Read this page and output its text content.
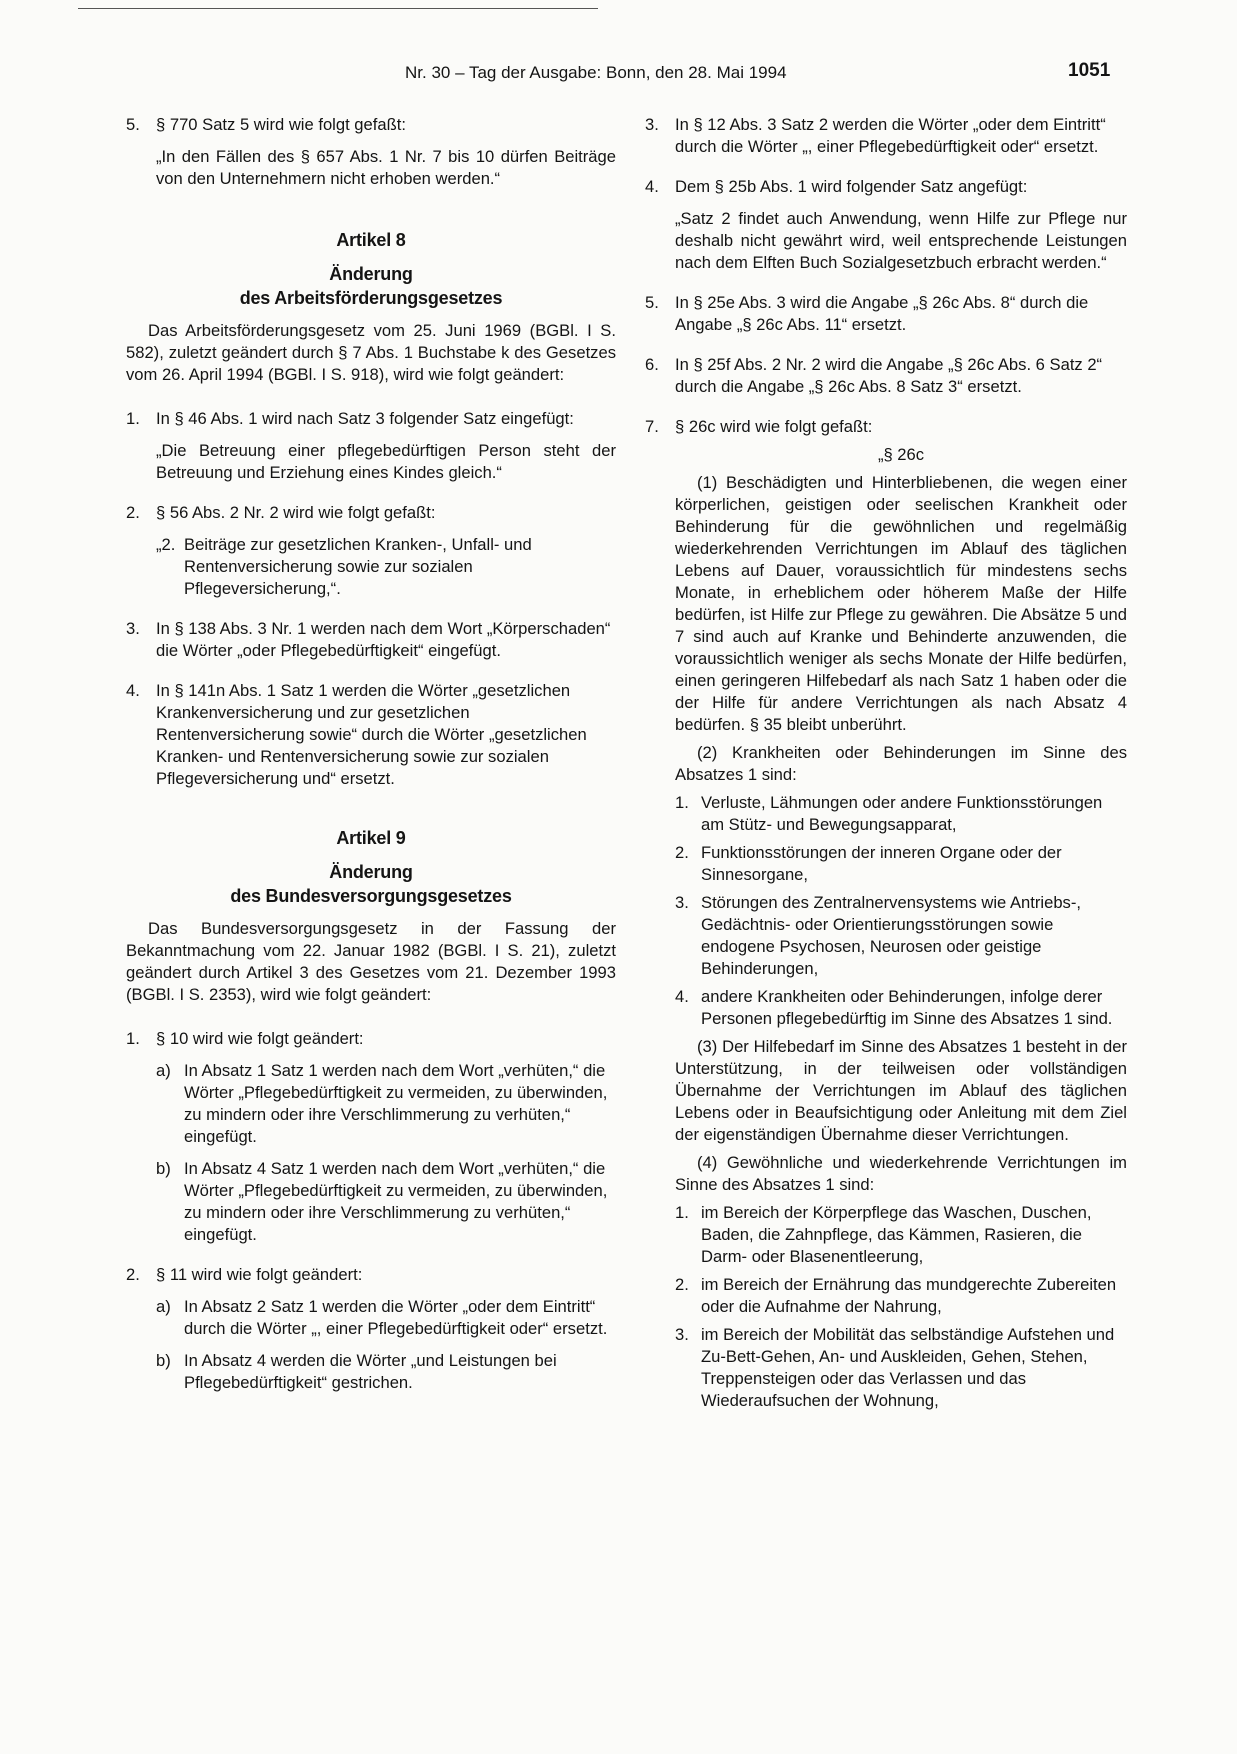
Nr. 30 – Tag der Ausgabe: Bonn, den 28. Mai 1994	1051
5. § 770 Satz 5 wird wie folgt gefaßt:

„In den Fällen des § 657 Abs. 1 Nr. 7 bis 10 dürfen Beiträge von den Unternehmern nicht erhoben werden.“

Artikel 8
Änderung
des Arbeitsförderungsgesetzes

Das Arbeitsförderungsgesetz vom 25. Juni 1969 (BGBl. I S. 582), zuletzt geändert durch § 7 Abs. 1 Buchstabe k des Gesetzes vom 26. April 1994 (BGBl. I S. 918), wird wie folgt geändert:

1. In § 46 Abs. 1 wird nach Satz 3 folgender Satz eingefügt:

„Die Betreuung einer pflegebedürftigen Person steht der Betreuung und Erziehung eines Kindes gleich.“

2. § 56 Abs. 2 Nr. 2 wird wie folgt gefaßt:
„2. Beiträge zur gesetzlichen Kranken-, Unfall- und Rentenversicherung sowie zur sozialen Pflegeversicherung,“.
3. In § 138 Abs. 3 Nr. 1 werden nach dem Wort „Körperschaden“ die Wörter „oder Pflegebedürftigkeit“ eingefügt.
4. In § 141n Abs. 1 Satz 1 werden die Wörter „gesetzlichen Krankenversicherung und zur gesetzlichen Rentenversicherung sowie“ durch die Wörter „gesetzlichen Kranken- und Rentenversicherung sowie zur sozialen Pflegeversicherung und“ ersetzt.
Artikel 9
Änderung
des Bundesversorgungsgesetzes

Das Bundesversorgungsgesetz in der Fassung der Bekanntmachung vom 22. Januar 1982 (BGBl. I S. 21), zuletzt geändert durch Artikel 3 des Gesetzes vom 21. Dezember 1993 (BGBl. I S. 2353), wird wie folgt geändert:

1. § 10 wird wie folgt geändert:
a) In Absatz 1 Satz 1 werden nach dem Wort „verhüten,“ die Wörter „Pflegebedürftigkeit zu vermeiden, zu überwinden, zu mindern oder ihre Verschlimmerung zu verhüten,“ eingefügt.
b) In Absatz 4 Satz 1 werden nach dem Wort „verhüten,“ die Wörter „Pflegebedürftigkeit zu vermeiden, zu überwinden, zu mindern oder ihre Verschlimmerung zu verhüten,“ eingefügt.
2. § 11 wird wie folgt geändert:
a) In Absatz 2 Satz 1 werden die Wörter „oder dem Eintritt“ durch die Wörter „, einer Pflegebedürftigkeit oder“ ersetzt.
b) In Absatz 4 werden die Wörter „und Leistungen bei Pflegebedürftigkeit“ gestrichen.
3. In § 12 Abs. 3 Satz 2 werden die Wörter „oder dem Eintritt“ durch die Wörter „, einer Pflegebedürftigkeit oder“ ersetzt.
4. Dem § 25b Abs. 1 wird folgender Satz angefügt:

„Satz 2 findet auch Anwendung, wenn Hilfe zur Pflege nur deshalb nicht gewährt wird, weil entsprechende Leistungen nach dem Elften Buch Sozialgesetzbuch erbracht werden.“

5. In § 25e Abs. 3 wird die Angabe „§ 26c Abs. 8“ durch die Angabe „§ 26c Abs. 11“ ersetzt.
6. In § 25f Abs. 2 Nr. 2 wird die Angabe „§ 26c Abs. 6 Satz 2“ durch die Angabe „§ 26c Abs. 8 Satz 3“ ersetzt.
7. § 26c wird wie folgt gefaßt:
„§ 26c

(1) Beschädigten und Hinterbliebenen, die wegen einer körperlichen, geistigen oder seelischen Krankheit oder Behinderung für die gewöhnlichen und regelmäßig wiederkehrenden Verrichtungen im Ablauf des täglichen Lebens auf Dauer, voraussichtlich für mindestens sechs Monate, in erheblichem oder höherem Maße der Hilfe bedürfen, ist Hilfe zur Pflege zu gewähren. Die Absätze 5 und 7 sind auch auf Kranke und Behinderte anzuwenden, die voraussichtlich weniger als sechs Monate der Hilfe bedürfen, einen geringeren Hilfebedarf als nach Satz 1 haben oder die der Hilfe für andere Verrichtungen als nach Absatz 4 bedürfen. § 35 bleibt unberührt.

(2) Krankheiten oder Behinderungen im Sinne des Absatzes 1 sind:

1. Verluste, Lähmungen oder andere Funktionsstörungen am Stütz- und Bewegungsapparat,
2. Funktionsstörungen der inneren Organe oder der Sinnesorgane,
3. Störungen des Zentralnervensystems wie Antriebs-, Gedächtnis- oder Orientierungsstörungen sowie endogene Psychosen, Neurosen oder geistige Behinderungen,
4. andere Krankheiten oder Behinderungen, infolge derer Personen pflegebedürftig im Sinne des Absatzes 1 sind.

(3) Der Hilfebedarf im Sinne des Absatzes 1 besteht in der Unterstützung, in der teilweisen oder vollständigen Übernahme der Verrichtungen im Ablauf des täglichen Lebens oder in Beaufsichtigung oder Anleitung mit dem Ziel der eigenständigen Übernahme dieser Verrichtungen.

(4) Gewöhnliche und wiederkehrende Verrichtungen im Sinne des Absatzes 1 sind:

1. im Bereich der Körperpflege das Waschen, Duschen, Baden, die Zahnpflege, das Kämmen, Rasieren, die Darm- oder Blasenentleerung,
2. im Bereich der Ernährung das mundgerechte Zubereiten oder die Aufnahme der Nahrung,
3. im Bereich der Mobilität das selbständige Aufstehen und Zu-Bett-Gehen, An- und Auskleiden, Gehen, Stehen, Treppensteigen oder das Verlassen und das Wiederaufsuchen der Wohnung,
